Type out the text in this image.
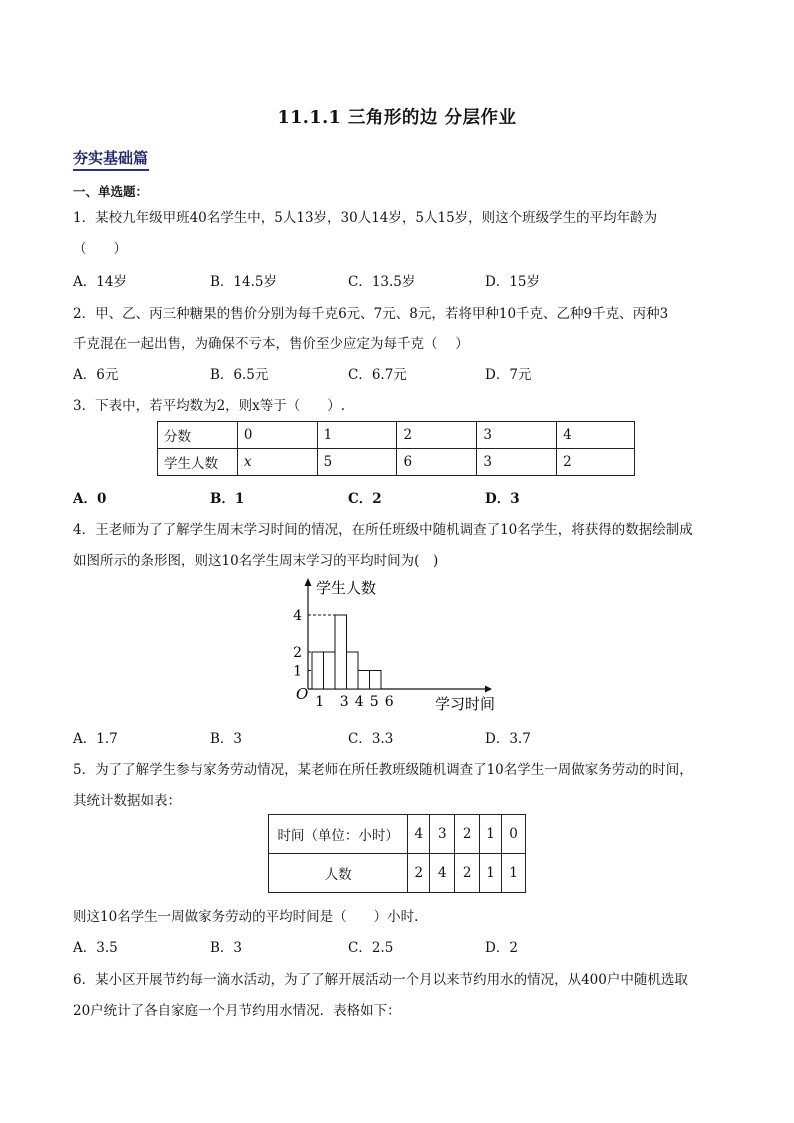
11.1.1 三角形的边 分层作业
夯实基础篇
一、单选题：
1．某校九年级甲班40名学生中，5人13岁，30人14岁，5人15岁，则这个班级学生的平均年龄为
（　　）
A．14岁	B．14.5岁	C．13.5岁	D．15岁
2．甲、乙、丙三种糖果的售价分别为每千克6元、7元、8元，若将甲种10千克、乙种9千克、丙种3
千克混在一起出售，为确保不亏本，售价至少应定为每千克（　 ）
A．6元	B．6.5元	C．6.7元	D．7元
3．下表中，若平均数为2，则x等于（　　）.
分数	0	1	2	3	4
学生人数	x	5	6	3	2
A．0	B．1	C．2	D．3
4．王老师为了了解学生周末学习时间的情况，在所任班级中随机调查了10名学生，将获得的数据绘制成
如图所示的条形图，则这10名学生周末学习的平均时间为(　)
1
2
4
1 3 4 5 6
O
学生人数
学习时间
A．1.7	B．3	C．3.3	D．3.7
5．为了了解学生参与家务劳动情况，某老师在所任教班级随机调查了10名学生一周做家务劳动的时间，
其统计数据如表：
时间（单位：小时）	4	3	2	1	0
人数	2	4	2	1	1
则这10名学生一周做家务劳动的平均时间是（　　）小时.
A．3.5	B．3	C．2.5	D．2
6．某小区开展节约每一滴水活动，为了了解开展活动一个月以来节约用水的情况，从400户中随机选取
20户统计了各自家庭一个月节约用水情况．表格如下：
